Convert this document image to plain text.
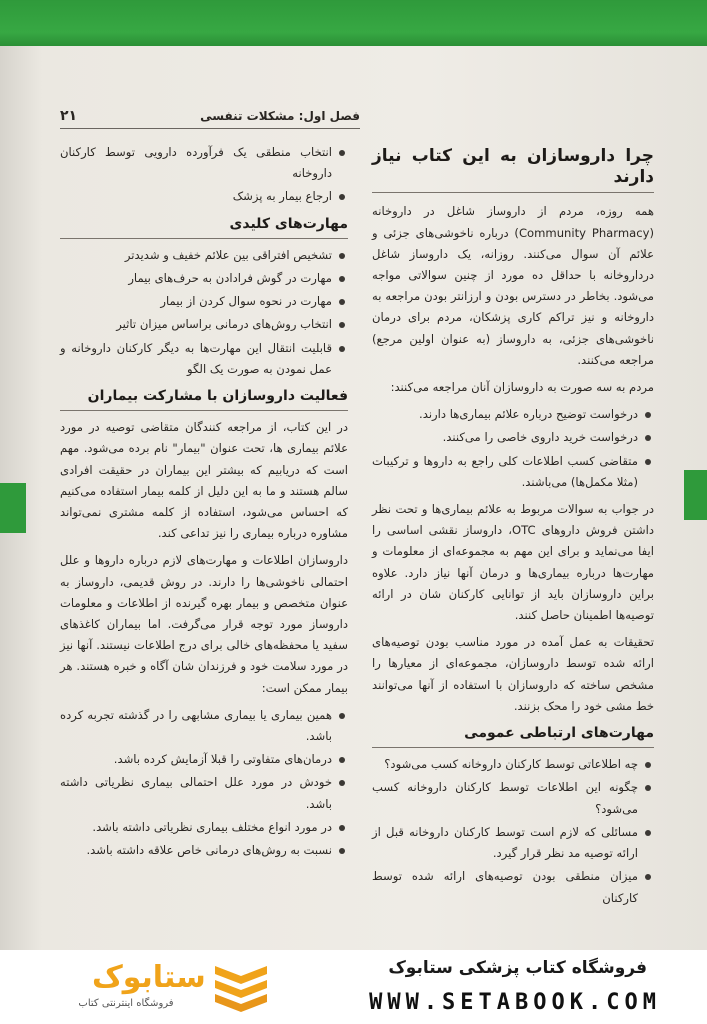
۲۱	فصل اول: مشکلات تنفسی
چرا داروسازان به این کتاب نیاز دارند

همه روزه، مردم از داروساز شاغل در داروخانه (Community Pharmacy) درباره ناخوشی‌های جزئی و علائم آن سوال می‌کنند. روزانه، یک داروساز شاغل درداروخانه با حداقل ده مورد از چنین سوالاتی مواجه می‌شود. بخاطر در دسترس بودن و ارزانتر بودن مراجعه به داروخانه و نیز تراکم کاری پزشکان، مردم برای درمان ناخوشی‌های جزئی، به داروساز (به عنوان اولین مرجع) مراجعه می‌کنند.

مردم به سه صورت به داروسازان آنان مراجعه می‌کنند:

درخواست توضیح درباره علائم بیماری‌ها دارند.
درخواست خرید داروی خاصی را می‌کنند.
متقاضی کسب اطلاعات کلی راجع به داروها و ترکیبات (مثلا مکمل‌ها) می‌باشند.

در جواب به سوالات مربوط به علائم بیماری‌ها و تحت نظر داشتن فروش داروهای OTC، داروساز نقشی اساسی را ایفا می‌نماید و برای این مهم به مجموعه‌ای از معلومات و مهارت‌ها درباره بیماری‌ها و درمان آنها نیاز دارد. علاوه براین داروسازان باید از توانایی کارکنان شان در ارائه توصیه‌ها اطمینان حاصل کنند.

تحقیقات به عمل آمده در مورد مناسب بودن توصیه‌های ارائه شده توسط داروسازان، مجموعه‌ای از معیارها را مشخص ساخته که داروسازان با استفاده از آنها می‌توانند خط مشی خود را محک بزنند.

مهارت‌های ارتباطی عمومی
چه اطلاعاتی توسط کارکنان داروخانه کسب می‌شود؟
چگونه این اطلاعات توسط کارکنان داروخانه کسب می‌شود؟
مسائلی که لازم است توسط کارکنان داروخانه قبل از ارائه توصیه مد نظر قرار گیرد.
میزان منطقی بودن توصیه‌های ارائه شده توسط کارکنان
انتخاب منطقی یک فرآورده دارویی توسط کارکنان داروخانه
ارجاع بیمار به پزشک
مهارت‌های کلیدی
تشخیص افتراقی بین علائم خفیف و شدیدتر
مهارت در گوش فرادادن به حرف‌های بیمار
مهارت در نحوه سوال کردن از بیمار
انتخاب روش‌های درمانی براساس میزان تاثیر
قابلیت انتقال این مهارت‌ها به دیگر کارکنان داروخانه و عمل نمودن به صورت یک الگو
فعالیت داروسازان با مشارکت بیماران

در این کتاب، از مراجعه کنندگان متقاضی توصیه در مورد علائم بیماری ها، تحت عنوان "بیمار" نام برده می‌شود. مهم است که دریابیم که بیشتر این بیماران در حقیقت افرادی سالم هستند و ما به این دلیل از کلمه بیمار استفاده می‌کنیم که احساس می‌شود، استفاده از کلمه مشتری نمی‌تواند مشاوره درباره بیماری را نیز تداعی کند.

داروسازان اطلاعات و مهارت‌های لازم درباره داروها و علل احتمالی ناخوشی‌ها را دارند. در روش قدیمی، داروساز به عنوان متخصص و بیمار بهره گیرنده از اطلاعات و معلومات داروساز مورد توجه قرار می‌گرفت. اما بیماران کاغذهای سفید یا محفظه‌های خالی برای درج اطلاعات نیستند. آنها نیز در مورد سلامت خود و فرزندان شان آگاه و خبره هستند. هر بیمار ممکن است:

همین بیماری یا بیماری مشابهی را در گذشته تجربه کرده باشد.
درمان‌های متفاوتی را قبلا آزمایش کرده باشد.
خودش در مورد علل احتمالی بیماری نظریاتی داشته باشد.
در مورد انواع مختلف بیماری نظریاتی داشته باشد.
نسبت به روش‌های درمانی خاص علاقه داشته باشد.
ستابوک
فروشگاه اینترنتی کتاب
فروشگاه کتاب پزشکی ستابوک
WWW.SETABOOK.COM
